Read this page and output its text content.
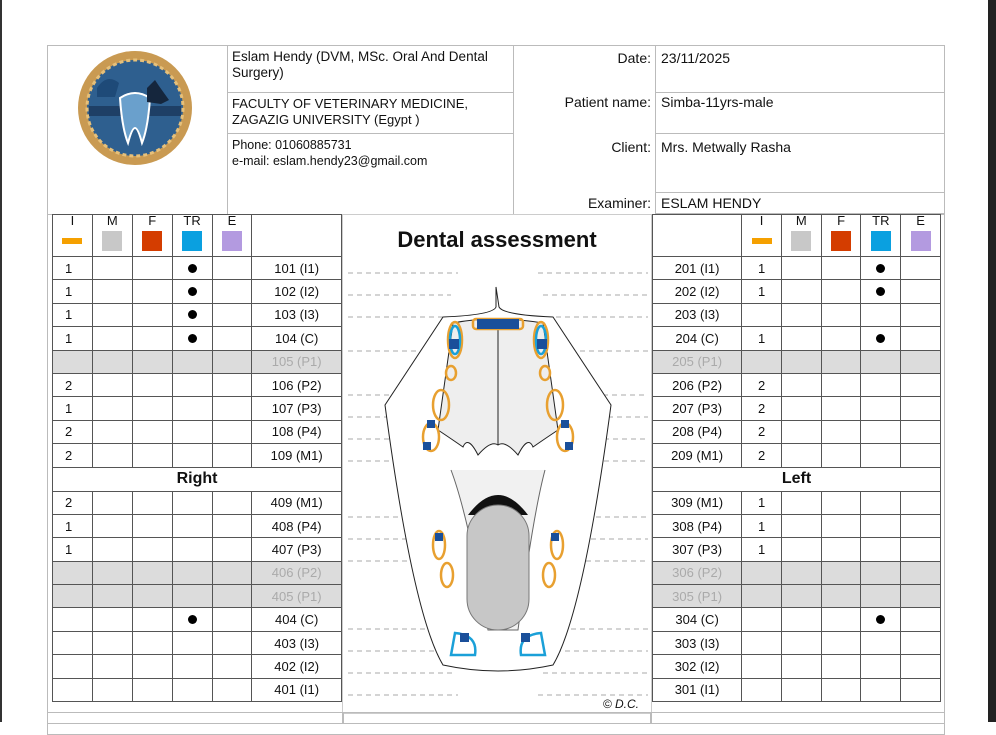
Eslam Hendy (DVM, MSc. Oral And Dental Surgery)
FACULTY OF VETERINARY MEDICINE, ZAGAZIG UNIVERSITY (Egypt )
Phone: 01060885731
e-mail: eslam.hendy23@gmail.com
Date: 23/11/2025
Patient name: Simba-11yrs-male
Client: Mrs. Metwally Rasha
Examiner: ESLAM HENDY
I	M	F	TR	E	

1					101 (I1)
1					102 (I2)
1					103 (I3)
1					104 (C)
					105 (P1)
2					106 (P2)
1					107 (P3)
2					108 (P4)
2					109 (M1)
Right					
2					409 (M1)
1					408 (P4)
1					407 (P3)
					406 (P2)
					405 (P1)
					404 (C)
					403 (I3)
					402 (I2)
					401 (I1)

	I	M	F	TR	E

201 (I1)	1				
202 (I2)	1				
203 (I3)					
204 (C)	1				
205 (P1)					
206 (P2)	2				
207 (P3)	2				
208 (P4)	2				
209 (M1)	2				
Left					
309 (M1)	1				
308 (P4)	1				
307 (P3)	1				
306 (P2)					
305 (P1)					
304 (C)					
303 (I3)					
302 (I2)					
301 (I1)					
Dental assessment
© D.C.
